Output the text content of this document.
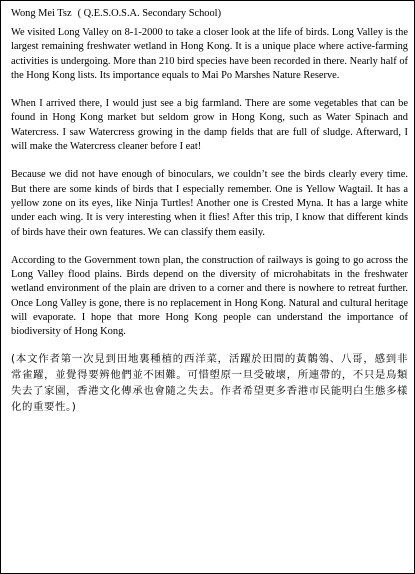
Wong Mei Tsz ( Q.E.S.O.S.A. Secondary School)

We visited Long Valley on 8-1-2000 to take a closer look at the life of birds. Long Valley is the largest remaining freshwater wetland in Hong Kong. It is a unique place where active-farming activities is undergoing. More than 210 bird species have been recorded in there. Nearly half of the Hong Kong lists. Its importance equals to Mai Po Marshes Nature Reserve.

When I arrived there, I would just see a big farmland. There are some vegetables that can be found in Hong Kong market but seldom grow in Hong Kong, such as Water Spinach and Watercress. I saw Watercress growing in the damp fields that are full of sludge. Afterward, I will make the Watercress cleaner before I eat!

Because we did not have enough of binoculars, we couldn’t see the birds clearly every time. But there are some kinds of birds that I especially remember. One is Yellow Wagtail. It has a yellow zone on its eyes, like Ninja Turtles! Another one is Crested Myna. It has a large white under each wing. It is very interesting when it flies! After this trip, I know that different kinds of birds have their own features. We can classify them easily.

According to the Government town plan, the construction of railways is going to go across the Long Valley flood plains. Birds depend on the diversity of microhabitats in the freshwater wetland environment of the plain are driven to a corner and there is nowhere to retreat further. Once Long Valley is gone, there is no replacement in Hong Kong. Natural and cultural heritage will evaporate. I hope that more Hong Kong people can understand the importance of biodiversity of Hong Kong.

(本文作者第一次見到田地裏種植的西洋菜，活躍於田間的黃鶺鴒、八哥，感到非常雀躍，並覺得要辨他們並不困難。可惜塱原一旦受破壞，所連帶的，不只是鳥類失去了家園，香港文化傳承也會隨之失去。作者希望更多香港市民能明白生態多樣化的重要性。)
